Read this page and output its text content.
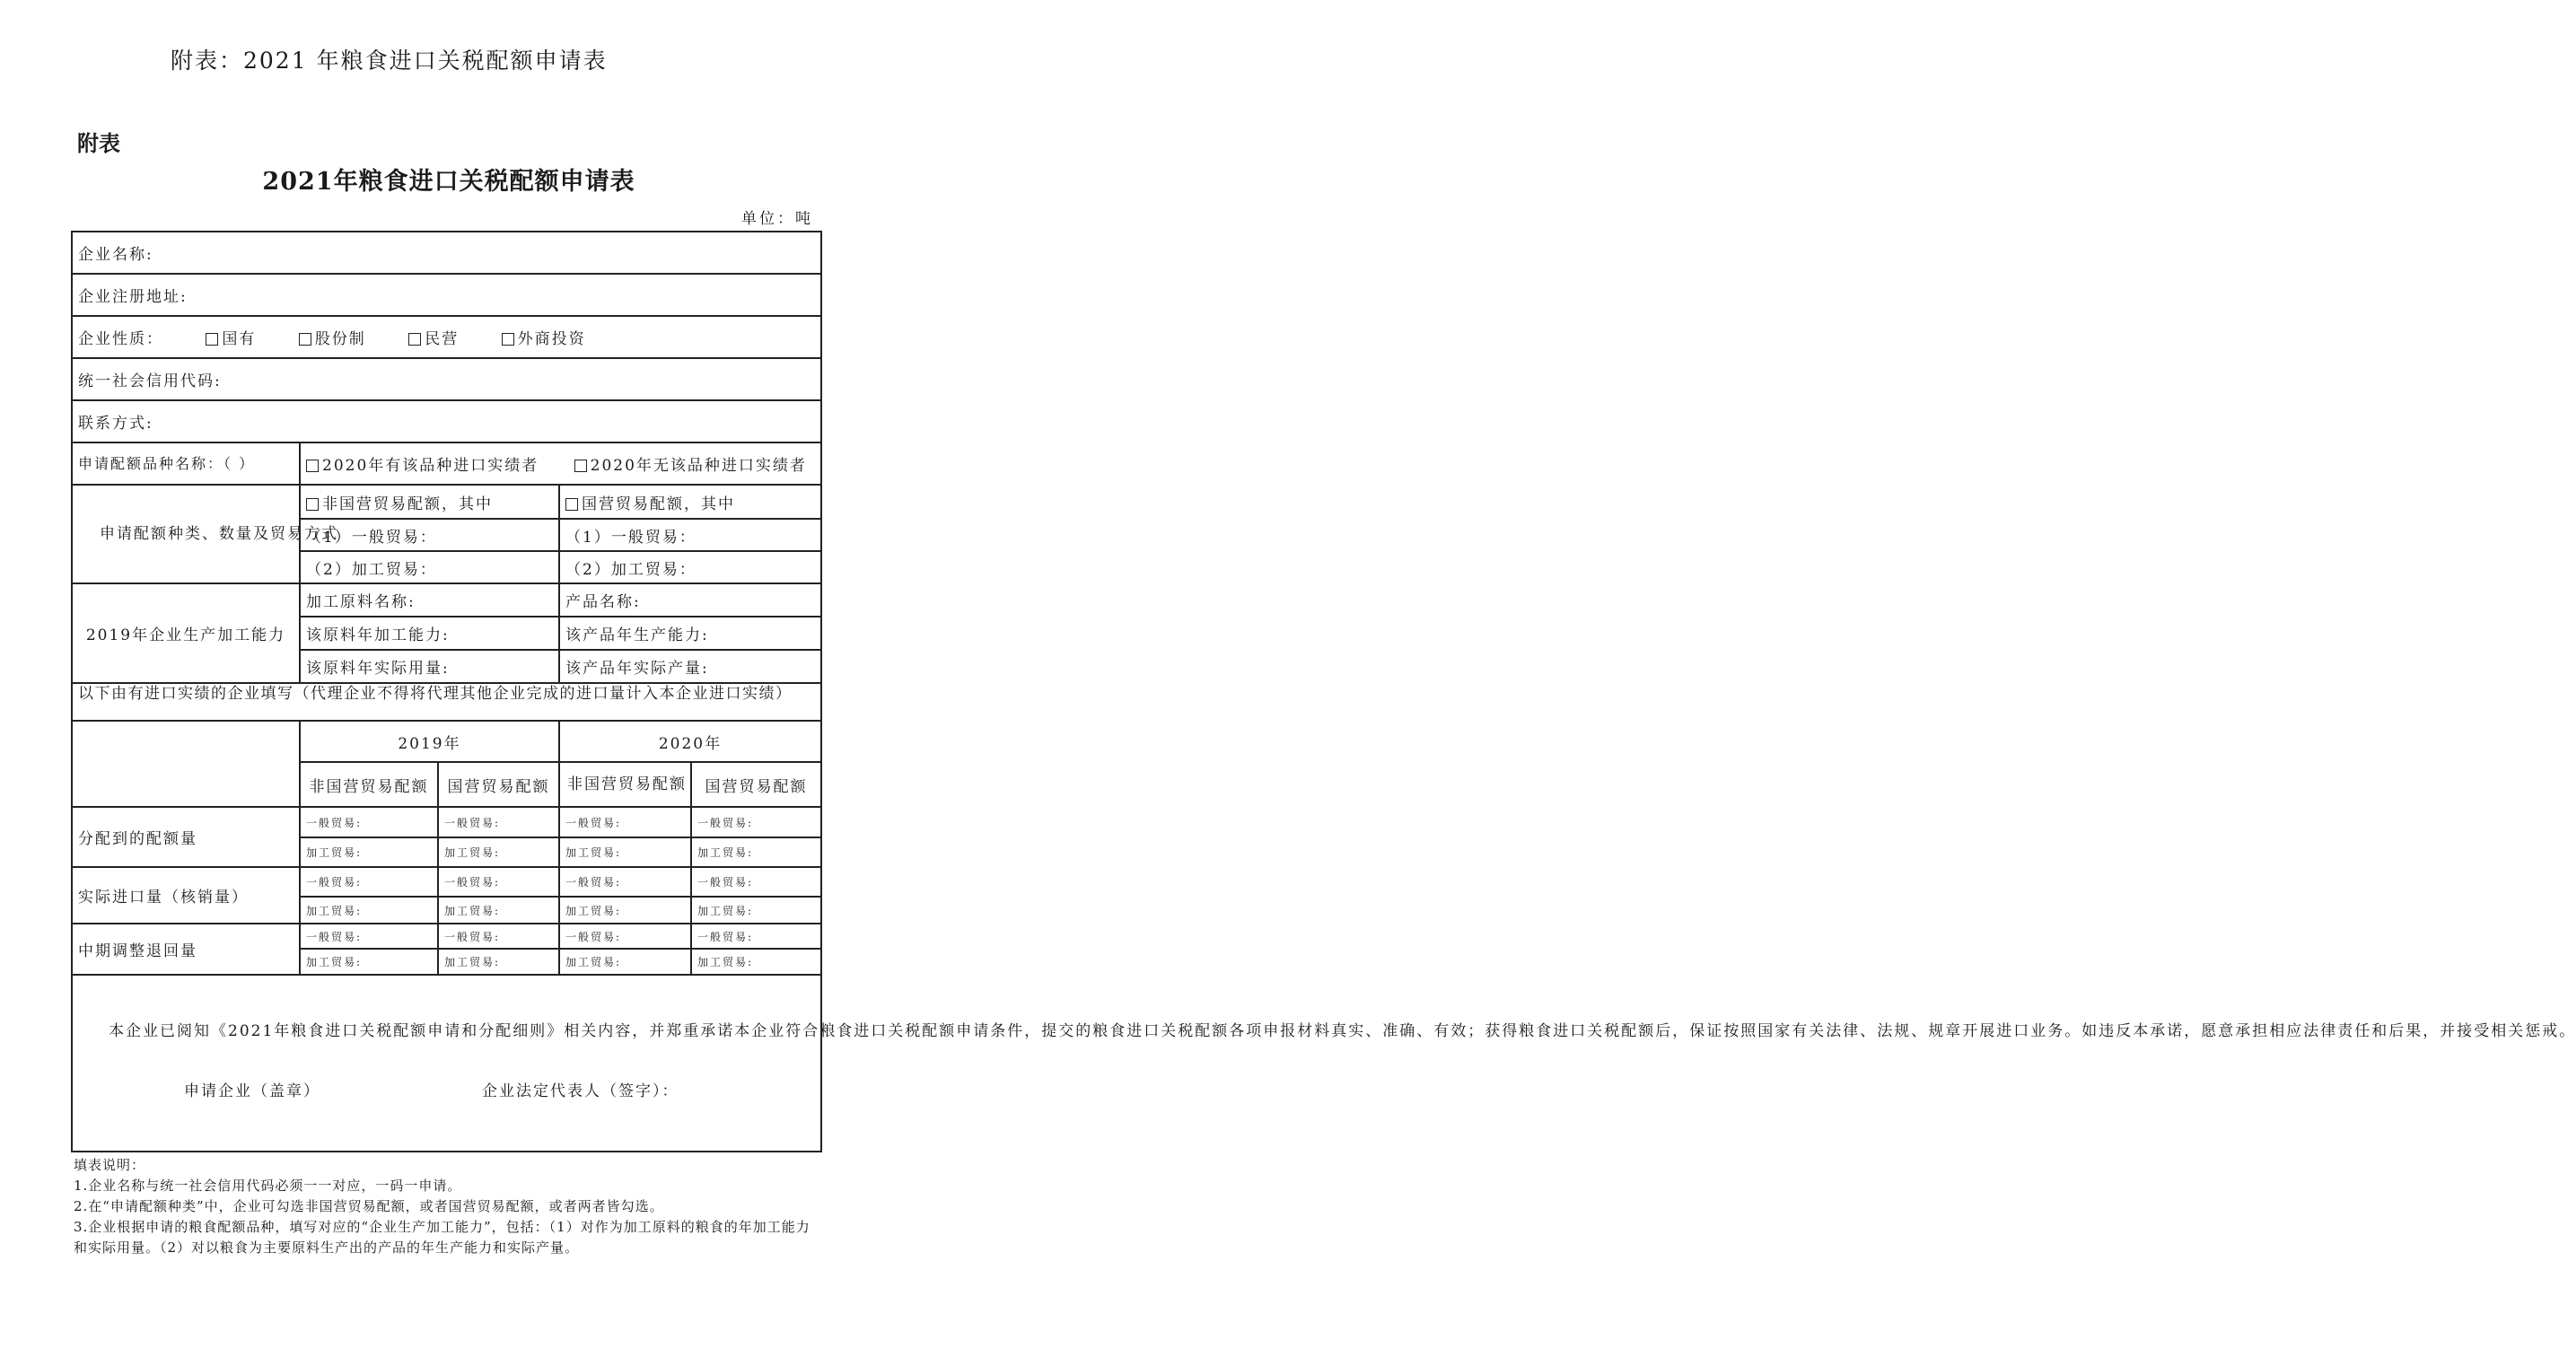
附表：2021 年粮食进口关税配额申请表
附表
2021年粮食进口关税配额申请表
单位：吨
企业名称:				
企业注册地址:				
企业性质： 国有 股份制 民营 外商投资				
统一社会信用代码:				
联系方式:				
申请配额品种名称：（ ）	2020年有该品种进口实绩者 2020年无该品种进口实绩者			
申请配额种类、数量及贸易方式	非国营贸易配额，其中		国营贸易配额，其中	
	（1）一般贸易：		（1）一般贸易：	
	（2）加工贸易：		（2）加工贸易：	
2019年企业生产加工能力	加工原料名称:		产品名称:	
	该原料年加工能力:		该产品年生产能力:	
	该原料年实际用量:		该产品年实际产量:	
以下由有进口实绩的企业填写（代理企业不得将代理其他企业完成的进口量计入本企业进口实绩）				
	2019年		2020年	
	非国营贸易配额	国营贸易配额	非国营贸易配额	国营贸易配额
分配到的配额量	一般贸易:	一般贸易:	一般贸易:	一般贸易:
	加工贸易:	加工贸易:	加工贸易:	加工贸易:
实际进口量（核销量）	一般贸易:	一般贸易:	一般贸易:	一般贸易:
	加工贸易:	加工贸易:	加工贸易:	加工贸易:
中期调整退回量	一般贸易:	一般贸易:	一般贸易:	一般贸易:
	加工贸易:	加工贸易:	加工贸易:	加工贸易:

本企业已阅知《2021年粮食进口关税配额申请和分配细则》相关内容，并郑重承诺本企业符合粮食进口关税配额申请条件，提交的粮食进口关税配额各项申报材料真实、准确、有效；获得粮食进口关税配额后，保证按照国家有关法律、法规、规章开展进口业务。如违反本承诺，愿意承担相应法律责任和后果，并接受相关惩戒。

申请企业（盖章） 企业法定代表人（签字）：				
填表说明：
1.企业名称与统一社会信用代码必须一一对应，一码一申请。
2.在“申请配额种类”中，企业可勾选非国营贸易配额，或者国营贸易配额，或者两者皆勾选。
3.企业根据申请的粮食配额品种，填写对应的“企业生产加工能力”，包括：（1）对作为加工原料的粮食的年加工能力和实际用量。（2）对以粮食为主要原料生产出的产品的年生产能力和实际产量。
